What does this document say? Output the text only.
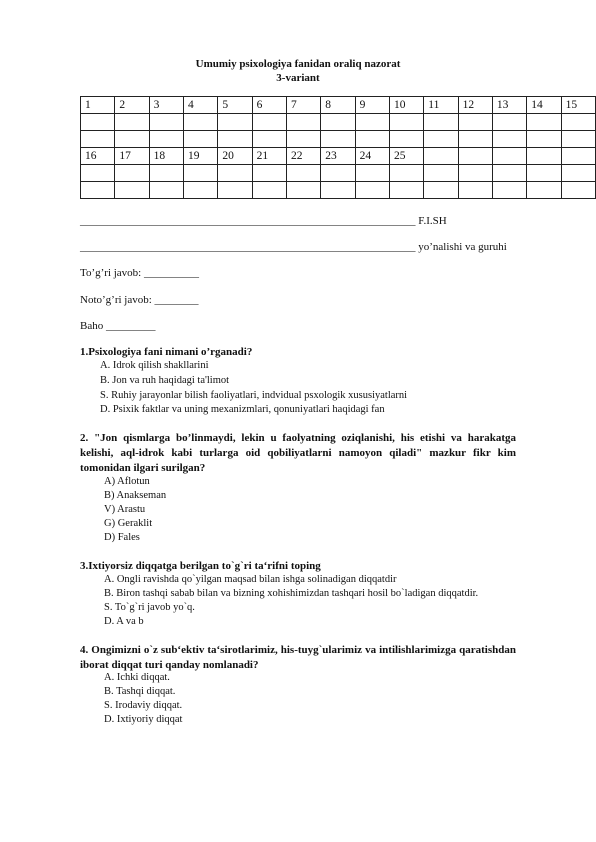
Umumiy psixologiya fanidan oraliq nazorat
3-variant
1	2	3	4	5	6	7	8	9	10	11	12	13	14	15

16	17	18	19	20	21	22	23	24	25					

_____________________________________________________________ F.I.SH
_____________________________________________________________ yo’nalishi va guruhi
To’g’ri javob: __________
Noto’g’ri javob: ________
Baho _________
1.Psixologiya fani nimani o’rganadi?
A. Idrok qilish shakllarini
B. Jon va ruh haqidagi ta'limot
S. Ruhiy jarayonlar bilish faoliyatlari, indvidual psxologik xususiyatlarni
D. Psixik faktlar va uning mexanizmlari, qonuniyatlari haqidagi fan
2. "Jon qismlarga bo’linmaydi, lekin u faolyatning oziqlanishi, his etishi va harakatga kelishi, aql-idrok kabi turlarga oid qobiliyatlarni namoyon qiladi" mazkur fikr kim tomonidan ilgari surilgan?
A) Aflotun
B) Anakseman
V) Arastu
G) Geraklit
D) Fales
3.Ixtiyorsiz diqqatga berilgan to`g`ri ta‘rifni toping
A. Ongli ravishda qo`yilgan maqsad bilan ishga solinadigan diqqatdir
B. Biron tashqi sabab bilan va bizning xohishimizdan tashqari hosil bo`ladigan diqqatdir.
S. To`g`ri javob yo`q.
D. A va b
4. Ongimizni o`z sub‘ektiv ta‘sirotlarimiz, his-tuyg`ularimiz va intilishlarimizga qaratishdan iborat diqqat turi qanday nomlanadi?
A. Ichki diqqat.
B. Tashqi diqqat.
S. Irodaviy diqqat.
D. Ixtiyoriy diqqat
